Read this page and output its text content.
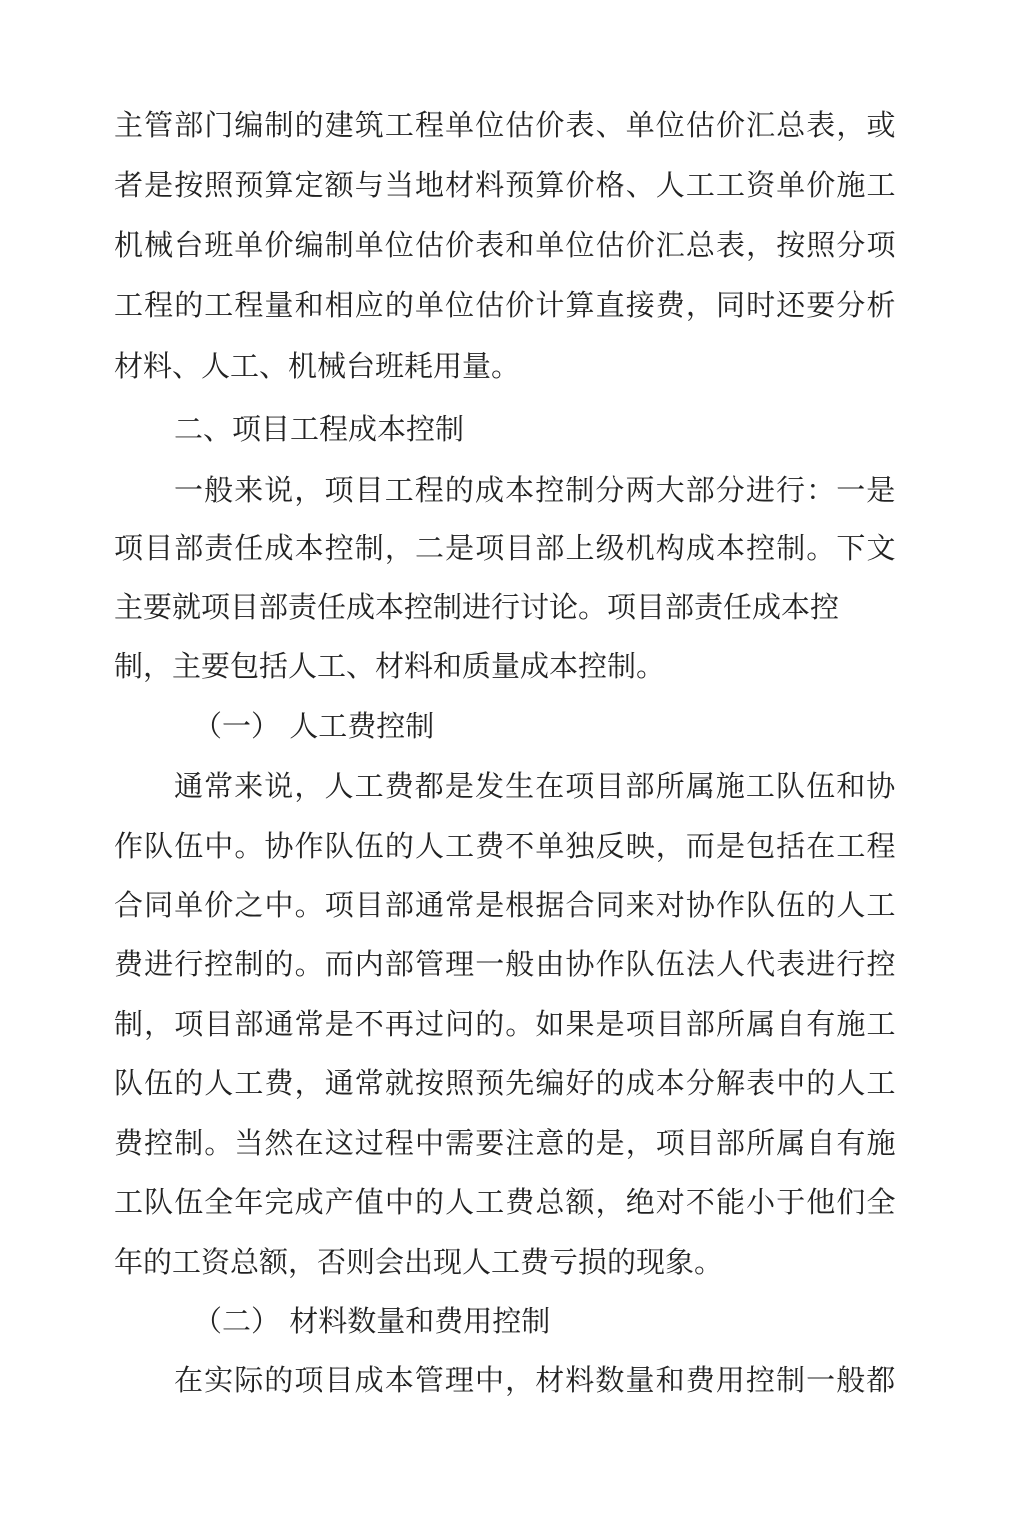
主管部门编制的建筑工程单位估价表、单位估价汇总表，或
者是按照预算定额与当地材料预算价格、人工工资单价施工
机械台班单价编制单位估价表和单位估价汇总表，按照分项
工程的工程量和相应的单位估价计算直接费，同时还要分析
材料、人工、机械台班耗用量。
二、项目工程成本控制
一般来说，项目工程的成本控制分两大部分进行：一是
项目部责任成本控制，二是项目部上级机构成本控制。下文
主要就项目部责任成本控制进行讨论。项目部责任成本控
制，主要包括人工、材料和质量成本控制。
（一） 人工费控制
通常来说，人工费都是发生在项目部所属施工队伍和协
作队伍中。协作队伍的人工费不单独反映，而是包括在工程
合同单价之中。项目部通常是根据合同来对协作队伍的人工
费进行控制的。而内部管理一般由协作队伍法人代表进行控
制，项目部通常是不再过问的。如果是项目部所属自有施工
队伍的人工费，通常就按照预先编好的成本分解表中的人工
费控制。当然在这过程中需要注意的是，项目部所属自有施
工队伍全年完成产值中的人工费总额，绝对不能小于他们全
年的工资总额，否则会出现人工费亏损的现象。
（二） 材料数量和费用控制
在实际的项目成本管理中，材料数量和费用控制一般都
